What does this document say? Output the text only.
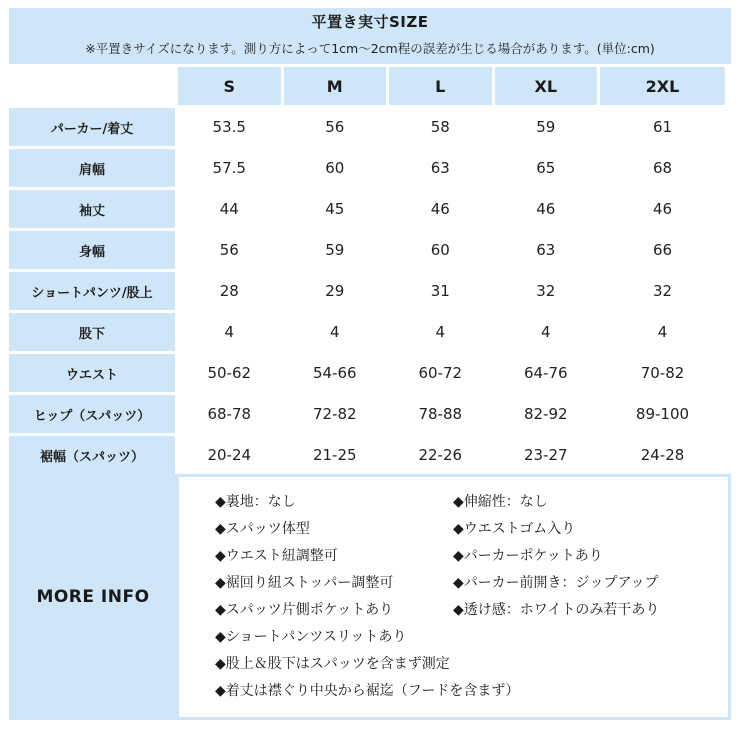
平置き実寸SIZE
※平置きサイズになります。測り方によって1cm〜2cm程の誤差が生じる場合があります。(単位:cm)
	S	M	L	XL	2XL
パーカー/着丈	53.5	56	58	59	61
肩幅	57.5	60	63	65	68
袖丈	44	45	46	46	46
身幅	56	59	60	63	66
ショートパンツ/股上	28	29	31	32	32
股下	4	4	4	4	4
ウエスト	50-62	54-66	60-72	64-76	70-82
ヒップ（スパッツ）	68-78	72-82	78-88	82-92	89-100
裾幅（スパッツ）	20-24	21-25	22-26	23-27	24-28
MORE INFO
◆裏地：なし
◆スパッツ体型
◆ウエスト紐調整可
◆裾回り紐ストッパー調整可
◆スパッツ片側ポケットあり
◆ショートパンツスリットあり
◆股上＆股下はスパッツを含まず測定
◆着丈は襟ぐり中央から裾迄（フードを含まず）
◆伸縮性：なし
◆ウエストゴム入り
◆パーカーポケットあり
◆パーカー前開き：ジップアップ
◆透け感：ホワイトのみ若干あり
